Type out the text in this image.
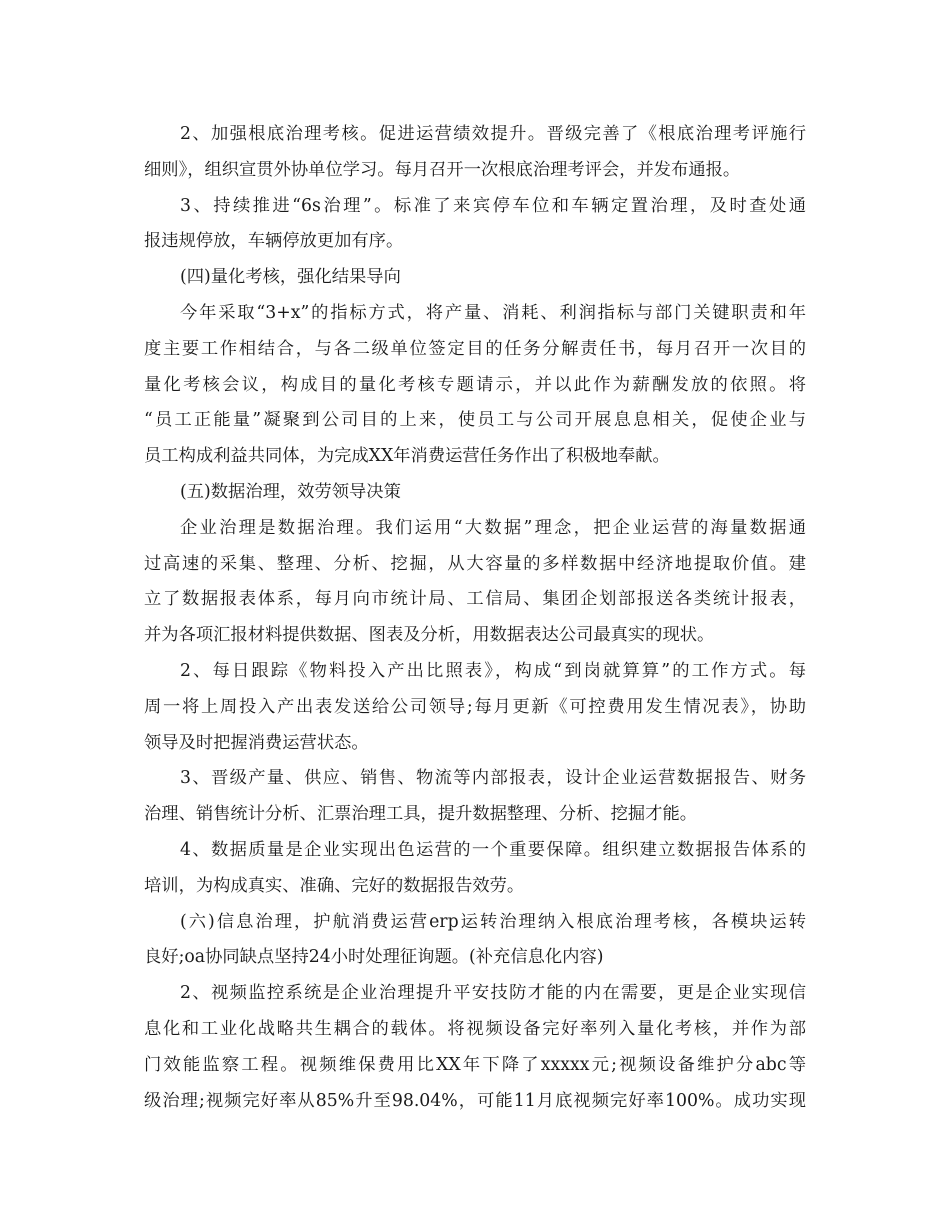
2、加强根底治理考核。促进运营绩效提升。晋级完善了《根底治理考评施行
细则》，组织宣贯外协单位学习。每月召开一次根底治理考评会，并发布通报。
3、持续推进“6s治理”。标准了来宾停车位和车辆定置治理，及时查处通
报违规停放，车辆停放更加有序。
(四)量化考核，强化结果导向
今年采取“3+x”的指标方式，将产量、消耗、利润指标与部门关键职责和年
度主要工作相结合，与各二级单位签定目的任务分解责任书，每月召开一次目的
量化考核会议，构成目的量化考核专题请示，并以此作为薪酬发放的依照。将
“员工正能量”凝聚到公司目的上来，使员工与公司开展息息相关，促使企业与
员工构成利益共同体，为完成XX年消费运营任务作出了积极地奉献。
(五)数据治理，效劳领导决策
企业治理是数据治理。我们运用“大数据”理念，把企业运营的海量数据通
过高速的采集、整理、分析、挖掘，从大容量的多样数据中经济地提取价值。建
立了数据报表体系，每月向市统计局、工信局、集团企划部报送各类统计报表，
并为各项汇报材料提供数据、图表及分析，用数据表达公司最真实的现状。
2、每日跟踪《物料投入产出比照表》，构成“到岗就算算”的工作方式。每
周一将上周投入产出表发送给公司领导;每月更新《可控费用发生情况表》，协助
领导及时把握消费运营状态。
3、晋级产量、供应、销售、物流等内部报表，设计企业运营数据报告、财务
治理、销售统计分析、汇票治理工具，提升数据整理、分析、挖掘才能。
4、数据质量是企业实现出色运营的一个重要保障。组织建立数据报告体系的
培训，为构成真实、准确、完好的数据报告效劳。
(六)信息治理，护航消费运营erp运转治理纳入根底治理考核，各模块运转
良好;oa协同缺点坚持24小时处理征询题。(补充信息化内容)
2、视频监控系统是企业治理提升平安技防才能的内在需要，更是企业实现信
息化和工业化战略共生耦合的载体。将视频设备完好率列入量化考核，并作为部
门效能监察工程。视频维保费用比XX年下降了xxxxx元;视频设备维护分abc等
级治理;视频完好率从85%升至98.04%，可能11月底视频完好率100%。成功实现
